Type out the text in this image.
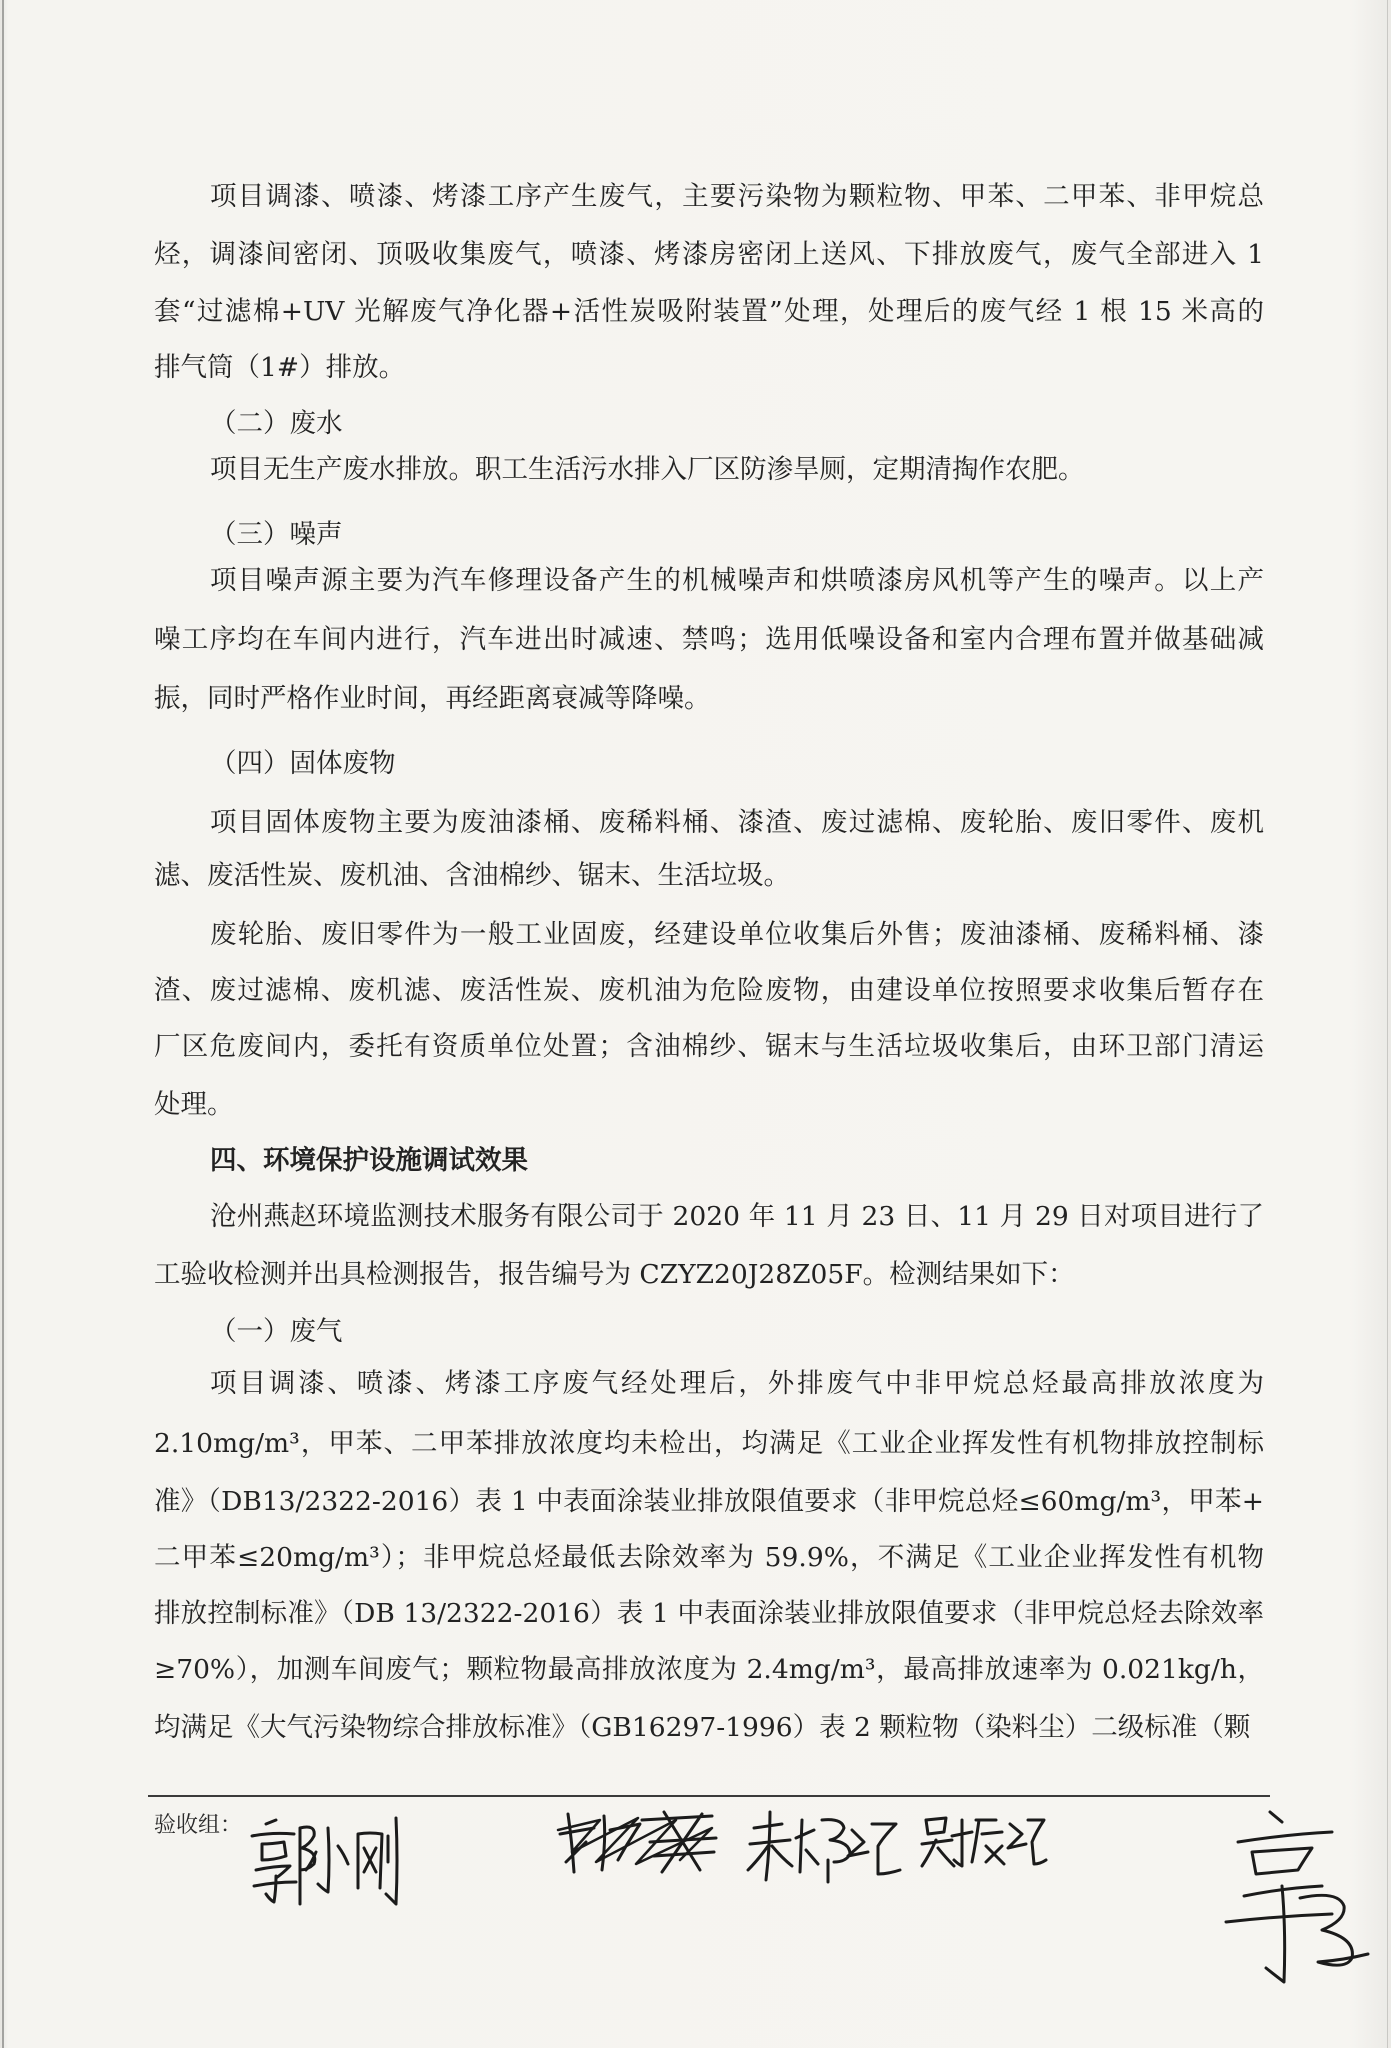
项目调漆、喷漆、烤漆工序产生废气，主要污染物为颗粒物、甲苯、二甲苯、非甲烷总
烃，调漆间密闭、顶吸收集废气，喷漆、烤漆房密闭上送风、下排放废气，废气全部进入 1
套“过滤棉+UV 光解废气净化器+活性炭吸附装置”处理，处理后的废气经 1 根 15 米高的
排气筒（1#）排放。
（二）废水
项目无生产废水排放。职工生活污水排入厂区防渗旱厕，定期清掏作农肥。
（三）噪声
项目噪声源主要为汽车修理设备产生的机械噪声和烘喷漆房风机等产生的噪声。以上产
噪工序均在车间内进行，汽车进出时减速、禁鸣；选用低噪设备和室内合理布置并做基础减
振，同时严格作业时间，再经距离衰减等降噪。
（四）固体废物
项目固体废物主要为废油漆桶、废稀料桶、漆渣、废过滤棉、废轮胎、废旧零件、废机
滤、废活性炭、废机油、含油棉纱、锯末、生活垃圾。
废轮胎、废旧零件为一般工业固废，经建设单位收集后外售；废油漆桶、废稀料桶、漆
渣、废过滤棉、废机滤、废活性炭、废机油为危险废物，由建设单位按照要求收集后暂存在
厂区危废间内，委托有资质单位处置；含油棉纱、锯末与生活垃圾收集后，由环卫部门清运
处理。
四、环境保护设施调试效果
沧州燕赵环境监测技术服务有限公司于 2020 年 11 月 23 日、11 月 29 日对项目进行了
工验收检测并出具检测报告，报告编号为 CZYZ20J28Z05F。检测结果如下：
（一）废气
项目调漆、喷漆、烤漆工序废气经处理后，外排废气中非甲烷总烃最高排放浓度为
2.10mg/m³，甲苯、二甲苯排放浓度均未检出，均满足《工业企业挥发性有机物排放控制标
准》（DB13/2322-2016）表 1 中表面涂装业排放限值要求（非甲烷总烃≤60mg/m³，甲苯+
二甲苯≤20mg/m³）；非甲烷总烃最低去除效率为 59.9%，不满足《工业企业挥发性有机物
排放控制标准》（DB 13/2322-2016）表 1 中表面涂装业排放限值要求（非甲烷总烃去除效率
≥70%），加测车间废气；颗粒物最高排放浓度为 2.4mg/m³，最高排放速率为 0.021kg/h，
均满足《大气污染物综合排放标准》（GB16297-1996）表 2 颗粒物（染料尘）二级标准（颗
验收组：
